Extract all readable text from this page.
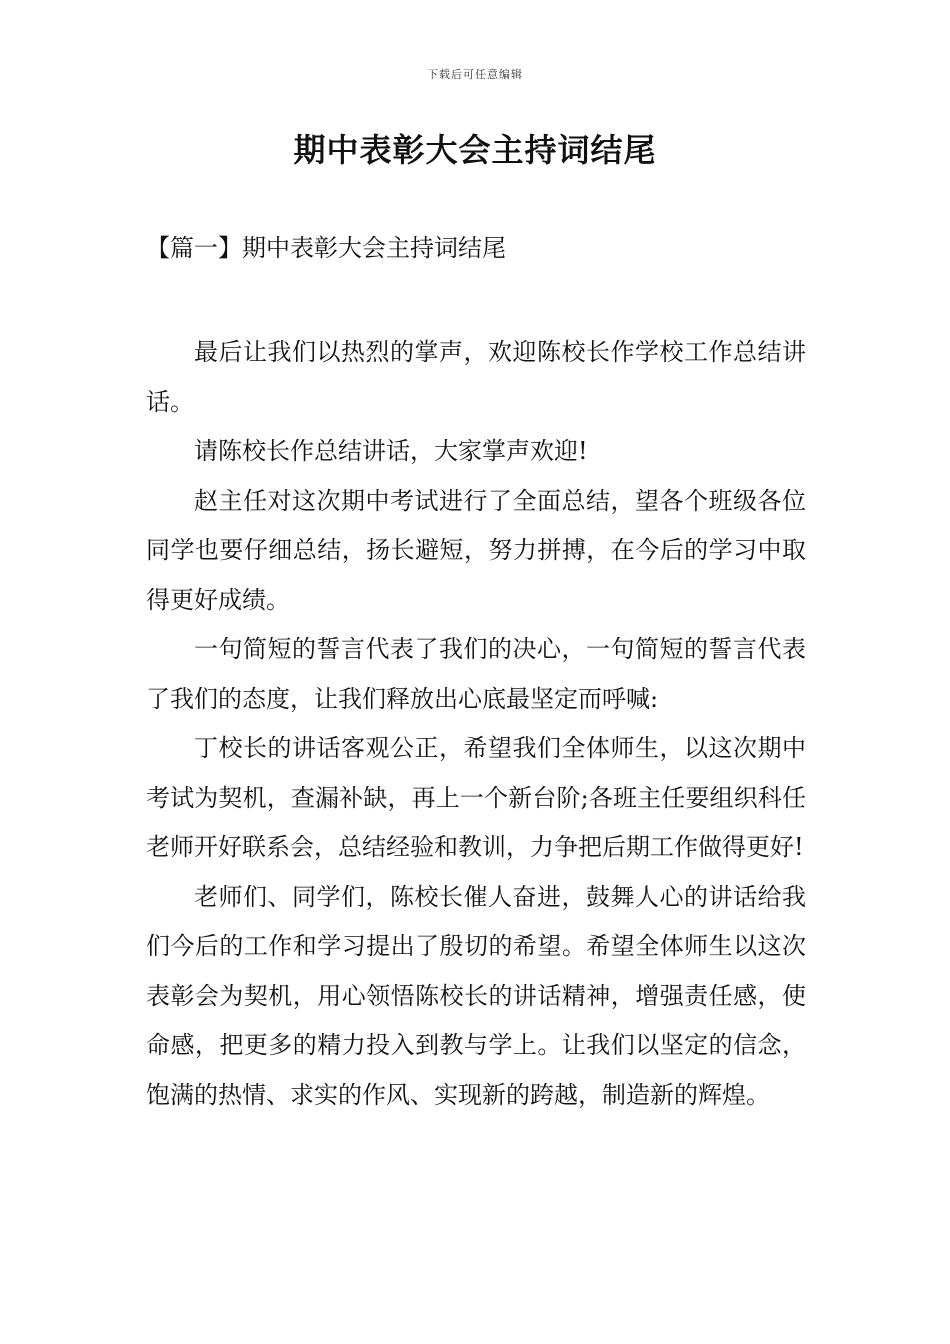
下载后可任意编辑
期中表彰大会主持词结尾
【篇一】期中表彰大会主持词结尾

最后让我们以热烈的掌声，欢迎陈校长作学校工作总结讲话。

请陈校长作总结讲话，大家掌声欢迎!

赵主任对这次期中考试进行了全面总结，望各个班级各位同学也要仔细总结，扬长避短，努力拼搏，在今后的学习中取得更好成绩。

一句简短的誓言代表了我们的决心，一句简短的誓言代表了我们的态度，让我们释放出心底最坚定而呼喊:

丁校长的讲话客观公正，希望我们全体师生，以这次期中考试为契机，查漏补缺，再上一个新台阶;各班主任要组织科任老师开好联系会，总结经验和教训，力争把后期工作做得更好!

老师们、同学们，陈校长催人奋进，鼓舞人心的讲话给我们今后的工作和学习提出了殷切的希望。希望全体师生以这次表彰会为契机，用心领悟陈校长的讲话精神，增强责任感，使命感，把更多的精力投入到教与学上。让我们以坚定的信念，饱满的热情、求实的作风、实现新的跨越，制造新的辉煌。
